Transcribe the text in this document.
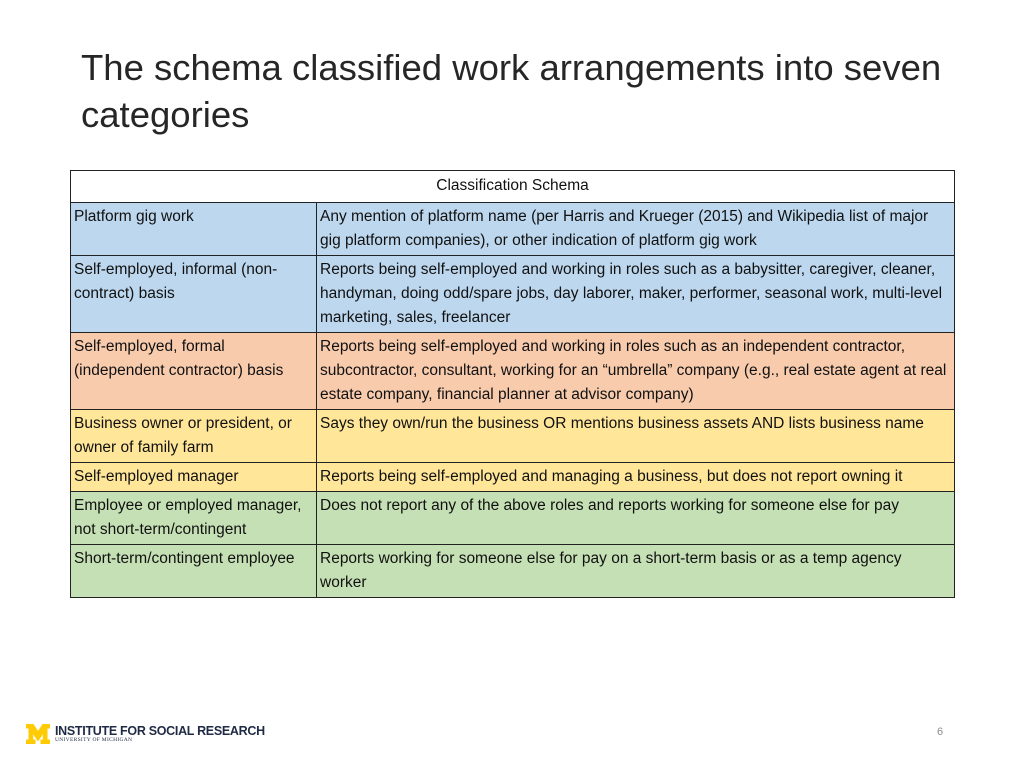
The schema classified work arrangements into seven categories
Classification Schema	
Platform gig work	Any mention of platform name (per Harris and Krueger (2015) and Wikipedia list of major gig platform companies), or other indication of platform gig work
Self-employed, informal (non-contract) basis	Reports being self-employed and working in roles such as a babysitter, caregiver, cleaner, handyman, doing odd/spare jobs, day laborer, maker, performer, seasonal work, multi-level marketing, sales, freelancer
Self-employed, formal (independent contractor) basis	Reports being self-employed and working in roles such as an independent contractor, subcontractor, consultant, working for an “umbrella” company (e.g., real estate agent at real estate company, financial planner at advisor company)
Business owner or president, or owner of family farm	Says they own/run the business OR mentions business assets AND lists business name
Self-employed manager	Reports being self-employed and managing a business, but does not report owning it
Employee or employed manager, not short-term/contingent	Does not report any of the above roles and reports working for someone else for pay
Short-term/contingent employee	Reports working for someone else for pay on a short-term basis or as a temp agency worker
INSTITUTE FOR SOCIAL RESEARCH
UNIVERSITY OF MICHIGAN
6
